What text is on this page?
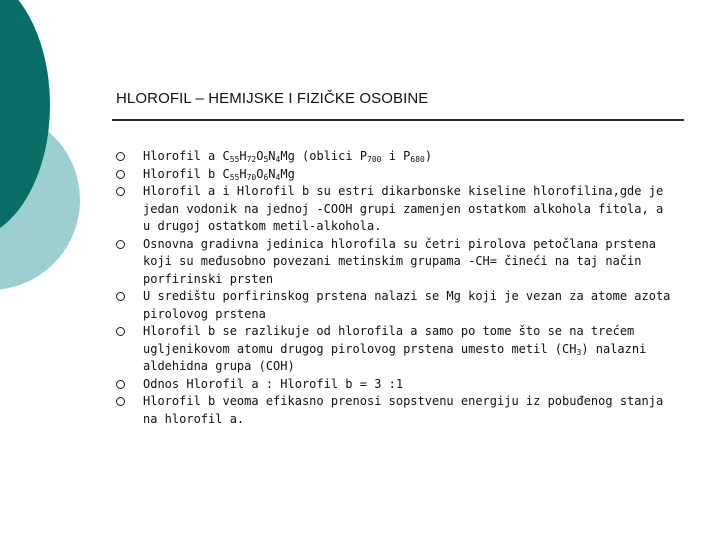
HLOROFIL – HEMIJSKE I FIZIČKE OSOBINE
Hlorofil a $C_{55}H_{72}O_5N_4Mg$ (oblici $P_{700}$ i $P_{680}$)
Hlorofil b $C_{55}H_{70}O_6N_4Mg$
Hlorofil a i Hlorofil b su estri dikarbonske kiseline hlorofilina,gde je jedan vodonik na jednoj -COOH grupi zamenjen ostatkom alkohola fitola, a u drugoj ostatkom metil-alkohola.
Osnovna gradivna jedinica hlorofila su četri pirolova petočlana prstena koji su međusobno povezani metinskim grupama -CH= čineći na taj način porfirinski prsten
U središtu porfirinskog prstena nalazi se Mg koji je vezan za atome azota pirolovog prstena
Hlorofil b se razlikuje od hlorofila a samo po tome što se na trećem ugljenikovom atomu drugog pirolovog prstena umesto metil $(CH_3)$ nalazni aldehidna grupa (COH)
Odnos Hlorofil a : Hlorofil b = 3 :1
Hlorofil b veoma efikasno prenosi sopstvenu energiju iz pobuđenog stanja na hlorofil a.
